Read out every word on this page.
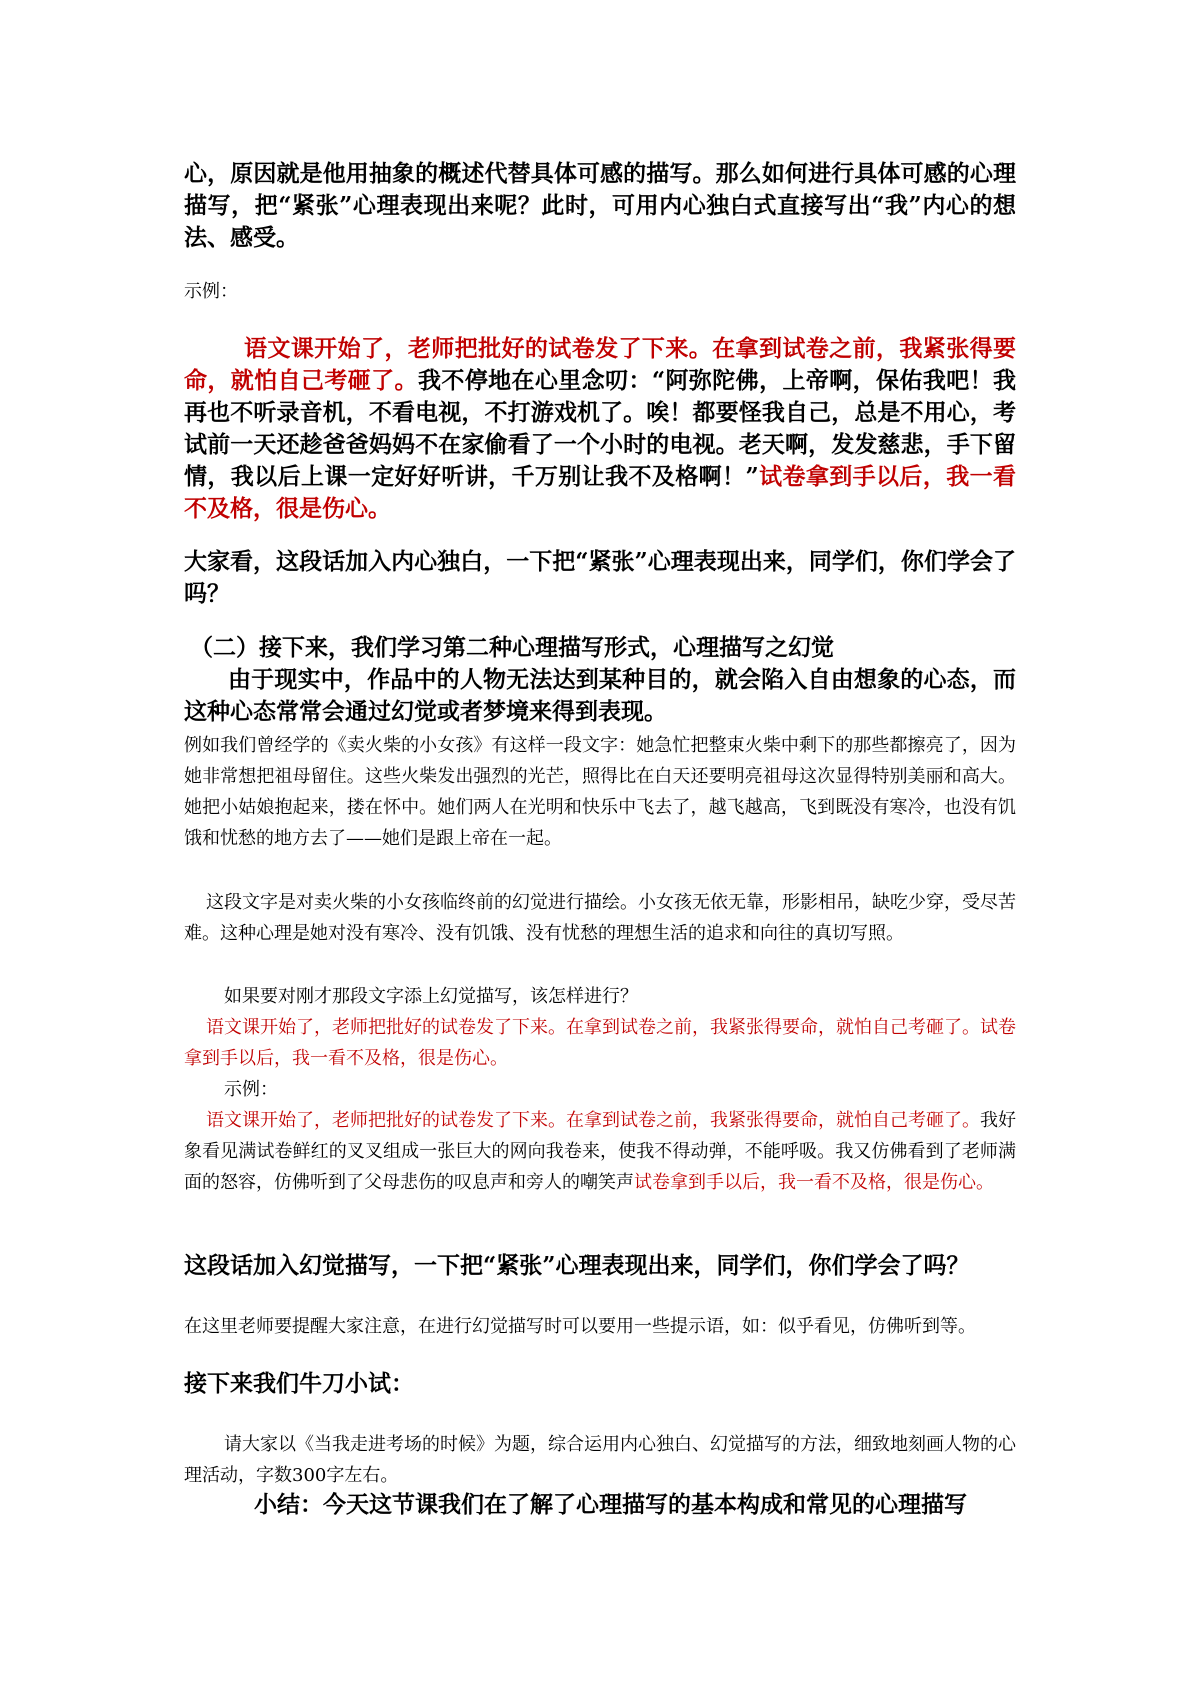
心，原因就是他用抽象的概述代替具体可感的描写。那么如何进行具体可感的心理描写，把“紧张”心理表现出来呢？此时，可用内心独白式直接写出“我”内心的想法、感受。
示例：
语文课开始了，老师把批好的试卷发了下来。在拿到试卷之前，我紧张得要命，就怕自己考砸了。我不停地在心里念叨：“阿弥陀佛，上帝啊，保佑我吧！我再也不听录音机，不看电视，不打游戏机了。唉！都要怪我自己，总是不用心，考试前一天还趁爸爸妈妈不在家偷看了一个小时的电视。老天啊，发发慈悲，手下留情，我以后上课一定好好听讲，千万别让我不及格啊！”试卷拿到手以后，我一看不及格，很是伤心。
大家看，这段话加入内心独白，一下把“紧张”心理表现出来，同学们，你们学会了吗？
（二）接下来，我们学习第二种心理描写形式，心理描写之幻觉
由于现实中，作品中的人物无法达到某种目的，就会陷入自由想象的心态，而这种心态常常会通过幻觉或者梦境来得到表现。
例如我们曾经学的《卖火柴的小女孩》有这样一段文字：她急忙把整束火柴中剩下的那些都擦亮了，因为她非常想把祖母留住。这些火柴发出强烈的光芒，照得比在白天还要明亮祖母这次显得特别美丽和高大。她把小姑娘抱起来，搂在怀中。她们两人在光明和快乐中飞去了，越飞越高，飞到既没有寒冷，也没有饥饿和忧愁的地方去了——她们是跟上帝在一起。
这段文字是对卖火柴的小女孩临终前的幻觉进行描绘。小女孩无依无靠，形影相吊，缺吃少穿，受尽苦难。这种心理是她对没有寒冷、没有饥饿、没有忧愁的理想生活的追求和向往的真切写照。
如果要对刚才那段文字添上幻觉描写，该怎样进行？
语文课开始了，老师把批好的试卷发了下来。在拿到试卷之前，我紧张得要命，就怕自己考砸了。试卷拿到手以后，我一看不及格，很是伤心。
示例：
语文课开始了，老师把批好的试卷发了下来。在拿到试卷之前，我紧张得要命，就怕自己考砸了。我好象看见满试卷鲜红的叉叉组成一张巨大的网向我卷来，使我不得动弹，不能呼吸。我又仿佛看到了老师满面的怒容，仿佛听到了父母悲伤的叹息声和旁人的嘲笑声试卷拿到手以后，我一看不及格，很是伤心。
这段话加入幻觉描写，一下把“紧张”心理表现出来，同学们，你们学会了吗？
在这里老师要提醒大家注意，在进行幻觉描写时可以要用一些提示语，如：似乎看见，仿佛听到等。
接下来我们牛刀小试：
请大家以《当我走进考场的时候》为题，综合运用内心独白、幻觉描写的方法，细致地刻画人物的心理活动，字数300字左右。
小结：今天这节课我们在了解了心理描写的基本构成和常见的心理描写
